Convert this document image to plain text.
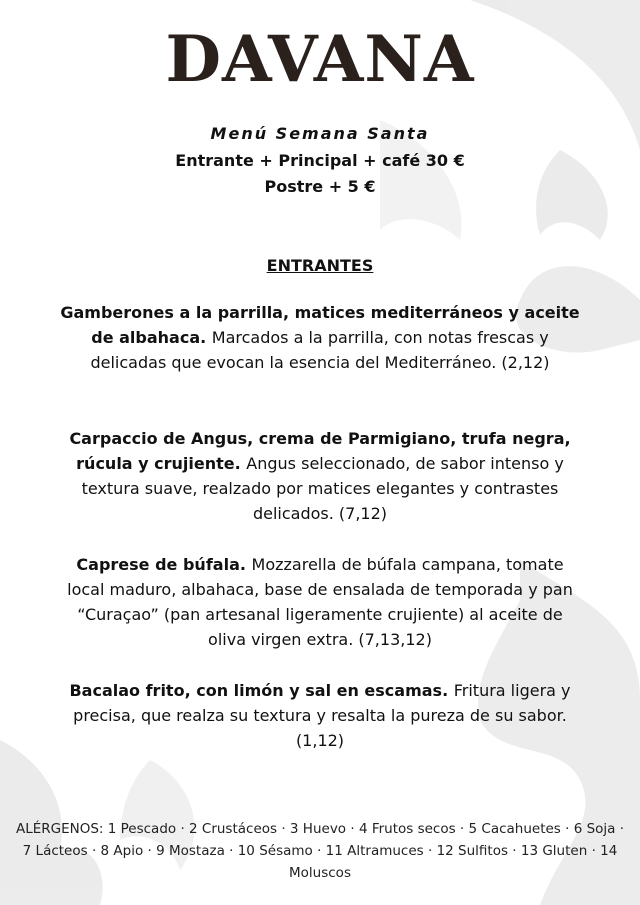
DAVANA
Menú Semana Santa
Entrante + Principal + café 30 €
Postre + 5 €
ENTRANTES
Gamberones a la parrilla, matices mediterráneos y aceite de albahaca. Marcados a la parrilla, con notas frescas y delicadas que evocan la esencia del Mediterráneo. (2,12)
Carpaccio de Angus, crema de Parmigiano, trufa negra, rúcula y crujiente. Angus seleccionado, de sabor intenso y textura suave, realzado por matices elegantes y contrastes delicados. (7,12)
Caprese de búfala. Mozzarella de búfala campana, tomate local maduro, albahaca, base de ensalada de temporada y pan “Curaçao” (pan artesanal ligeramente crujiente) al aceite de oliva virgen extra. (7,13,12)
Bacalao frito, con limón y sal en escamas. Fritura ligera y precisa, que realza su textura y resalta la pureza de su sabor. (1,12)
ALÉRGENOS: 1 Pescado · 2 Crustáceos · 3 Huevo · 4 Frutos secos · 5 Cacahuetes · 6 Soja · 7 Lácteos · 8 Apio · 9 Mostaza · 10 Sésamo · 11 Altramuces · 12 Sulfitos · 13 Gluten · 14 Moluscos
